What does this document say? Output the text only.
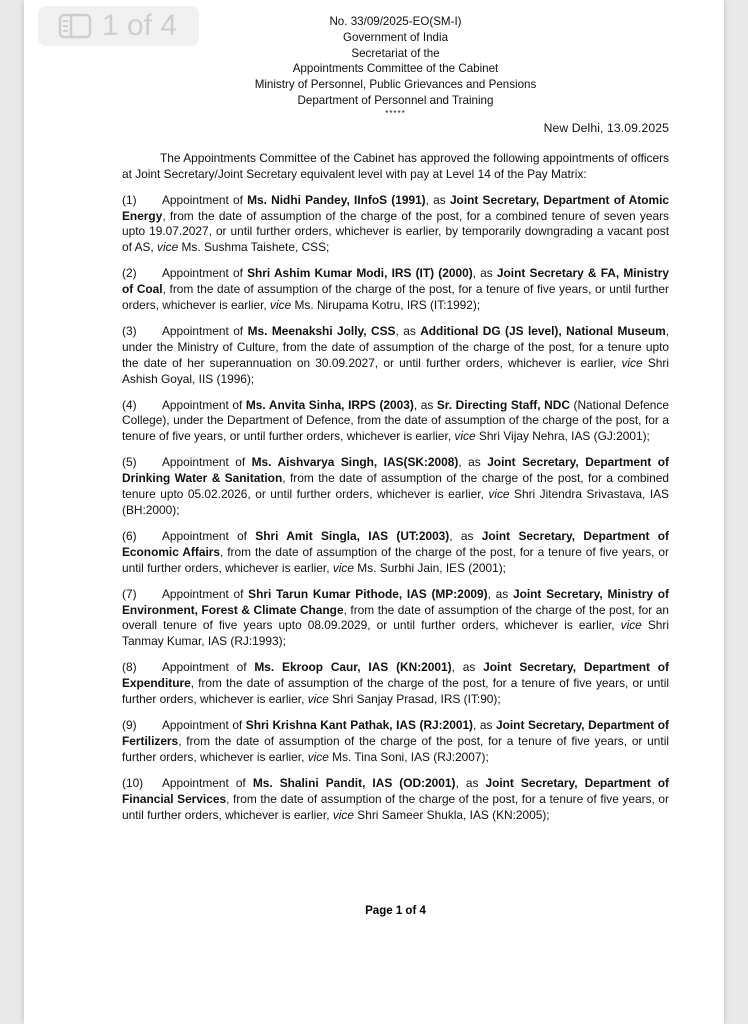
No. 33/09/2025-EO(SM-I)
Government of India
Secretariat of the
Appointments Committee of the Cabinet
Ministry of Personnel, Public Grievances and Pensions
Department of Personnel and Training
*****
New Delhi, 13.09.2025

The Appointments Committee of the Cabinet has approved the following appointments of officers at Joint Secretary/Joint Secretary equivalent level with pay at Level 14 of the Pay Matrix:

(1) Appointment of Ms. Nidhi Pandey, IInfoS (1991), as Joint Secretary, Department of Atomic Energy, from the date of assumption of the charge of the post, for a combined tenure of seven years upto 19.07.2027, or until further orders, whichever is earlier, by temporarily downgrading a vacant post of AS, vice Ms. Sushma Taishete, CSS;

(2) Appointment of Shri Ashim Kumar Modi, IRS (IT) (2000), as Joint Secretary & FA, Ministry of Coal, from the date of assumption of the charge of the post, for a tenure of five years, or until further orders, whichever is earlier, vice Ms. Nirupama Kotru, IRS (IT:1992);

(3) Appointment of Ms. Meenakshi Jolly, CSS, as Additional DG (JS level), National Museum, under the Ministry of Culture, from the date of assumption of the charge of the post, for a tenure upto the date of her superannuation on 30.09.2027, or until further orders, whichever is earlier, vice Shri Ashish Goyal, IIS (1996);

(4) Appointment of Ms. Anvita Sinha, IRPS (2003), as Sr. Directing Staff, NDC (National Defence College), under the Department of Defence, from the date of assumption of the charge of the post, for a tenure of five years, or until further orders, whichever is earlier, vice Shri Vijay Nehra, IAS (GJ:2001);

(5) Appointment of Ms. Aishvarya Singh, IAS(SK:2008), as Joint Secretary, Department of Drinking Water & Sanitation, from the date of assumption of the charge of the post, for a combined tenure upto 05.02.2026, or until further orders, whichever is earlier, vice Shri Jitendra Srivastava, IAS (BH:2000);

(6) Appointment of Shri Amit Singla, IAS (UT:2003), as Joint Secretary, Department of Economic Affairs, from the date of assumption of the charge of the post, for a tenure of five years, or until further orders, whichever is earlier, vice Ms. Surbhi Jain, IES (2001);

(7) Appointment of Shri Tarun Kumar Pithode, IAS (MP:2009), as Joint Secretary, Ministry of Environment, Forest & Climate Change, from the date of assumption of the charge of the post, for an overall tenure of five years upto 08.09.2029, or until further orders, whichever is earlier, vice Shri Tanmay Kumar, IAS (RJ:1993);

(8) Appointment of Ms. Ekroop Caur, IAS (KN:2001), as Joint Secretary, Department of Expenditure, from the date of assumption of the charge of the post, for a tenure of five years, or until further orders, whichever is earlier, vice Shri Sanjay Prasad, IRS (IT:90);

(9) Appointment of Shri Krishna Kant Pathak, IAS (RJ:2001), as Joint Secretary, Department of Fertilizers, from the date of assumption of the charge of the post, for a tenure of five years, or until further orders, whichever is earlier, vice Ms. Tina Soni, IAS (RJ:2007);

(10) Appointment of Ms. Shalini Pandit, IAS (OD:2001), as Joint Secretary, Department of Financial Services, from the date of assumption of the charge of the post, for a tenure of five years, or until further orders, whichever is earlier, vice Shri Sameer Shukla, IAS (KN:2005);

Page 1 of 4
1 of 4
